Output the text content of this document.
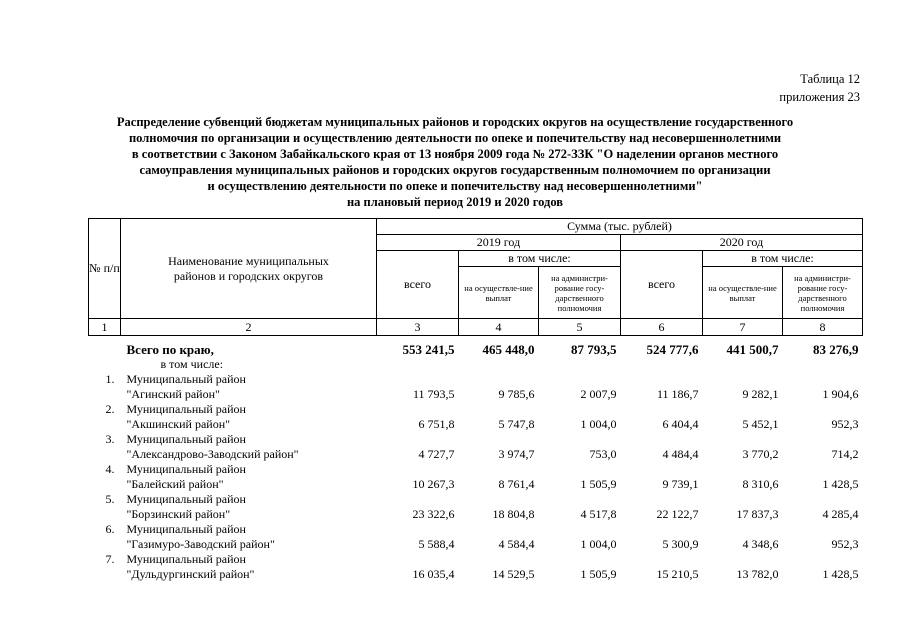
Таблица 12
приложения 23
Распределение субвенций бюджетам муниципальных районов и городских округов на осуществление государственного
полномочия по организации и осуществлению деятельности по опеке и попечительству над несовершеннолетними
в соответствии с Законом Забайкальского края от 13 ноября 2009 года № 272-ЗЗК "О наделении органов местного
самоуправления муниципальных районов и городских округов государственным полномочием по организации
и осуществлению деятельности по опеке и попечительству над несовершеннолетними"
на плановый период 2019 и 2020 годов
№ п/п	Наименование муниципальных районов и городских округов	Сумма (тыс. рублей)					
		2019 год			2020 год		
		всего	в том числе:		всего	в том числе:	
			на осуществле-ние выплат	на администри-рование госу-дарственного полномочия		на осуществле-ние выплат	на администри-рование госу-дарственного полномочия
1	2	3	4	5	6	7	8
	Всего по краю,	553 241,5	465 448,0	87 793,5	524 777,6	441 500,7	83 276,9
	в том числе:						
1.	Муниципальный район						
	"Агинский район"	11 793,5	9 785,6	2 007,9	11 186,7	9 282,1	1 904,6
2.	Муниципальный район						
	"Акшинский район"	6 751,8	5 747,8	1 004,0	6 404,4	5 452,1	952,3
3.	Муниципальный район						
	"Александрово-Заводский район"	4 727,7	3 974,7	753,0	4 484,4	3 770,2	714,2
4.	Муниципальный район						
	"Балейский район"	10 267,3	8 761,4	1 505,9	9 739,1	8 310,6	1 428,5
5.	Муниципальный район						
	"Борзинский район"	23 322,6	18 804,8	4 517,8	22 122,7	17 837,3	4 285,4
6.	Муниципальный район						
	"Газимуро-Заводский район"	5 588,4	4 584,4	1 004,0	5 300,9	4 348,6	952,3
7.	Муниципальный район						
	"Дульдургинский район"	16 035,4	14 529,5	1 505,9	15 210,5	13 782,0	1 428,5
